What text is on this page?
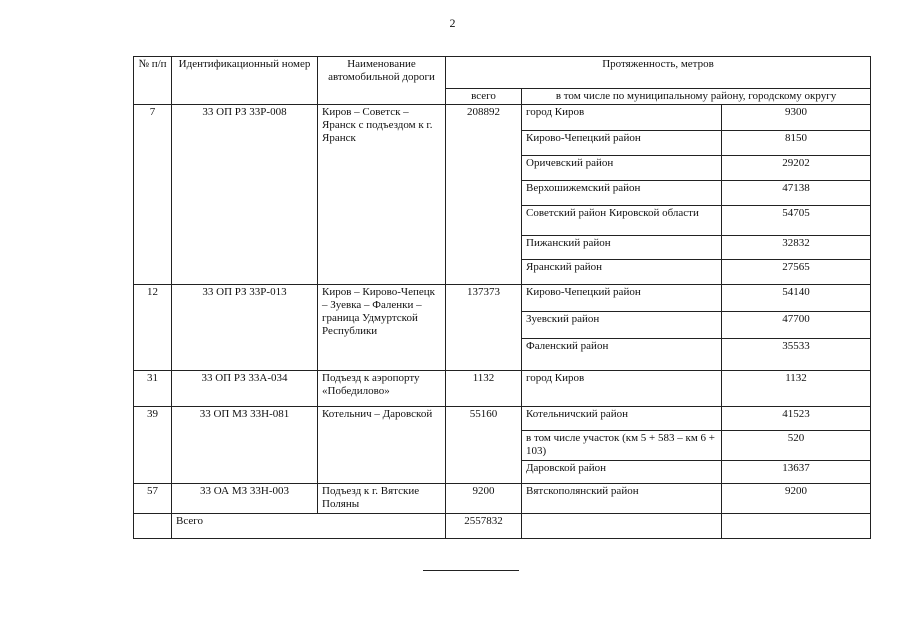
2
№ п/п	Идентификационный номер	Наименование автомобильной дороги	Протяженность, метров		
			всего	в том числе по муниципальному району, городскому округу	
7	33 ОП РЗ 33Р-008	Киров – Советск – Яранск с подъездом к г. Яранск	208892	город Киров	9300
				Кирово-Чепецкий район	8150
				Оричевский район	29202
				Верхошижемский район	47138
				Советский район Кировской области	54705
				Пижанский район	32832
				Яранский район	27565
12	33 ОП РЗ 33Р-013	Киров – Кирово-Чепецк – Зуевка – Фаленки – граница Удмуртской Республики	137373	Кирово-Чепецкий район	54140
				Зуевский район	47700
				Фаленский район	35533
31	33 ОП РЗ 33А-034	Подъезд к аэропорту «Победилово»	1132	город Киров	1132
39	33 ОП МЗ 33Н-081	Котельнич – Даровской	55160	Котельничский район	41523
				в том числе участок (км 5 + 583 – км 6 + 103)	520
				Даровской район	13637
57	33 ОА МЗ 33Н-003	Подъезд к г. Вятские Поляны	9200	Вятскополянский район	9200
	Всего		2557832		
